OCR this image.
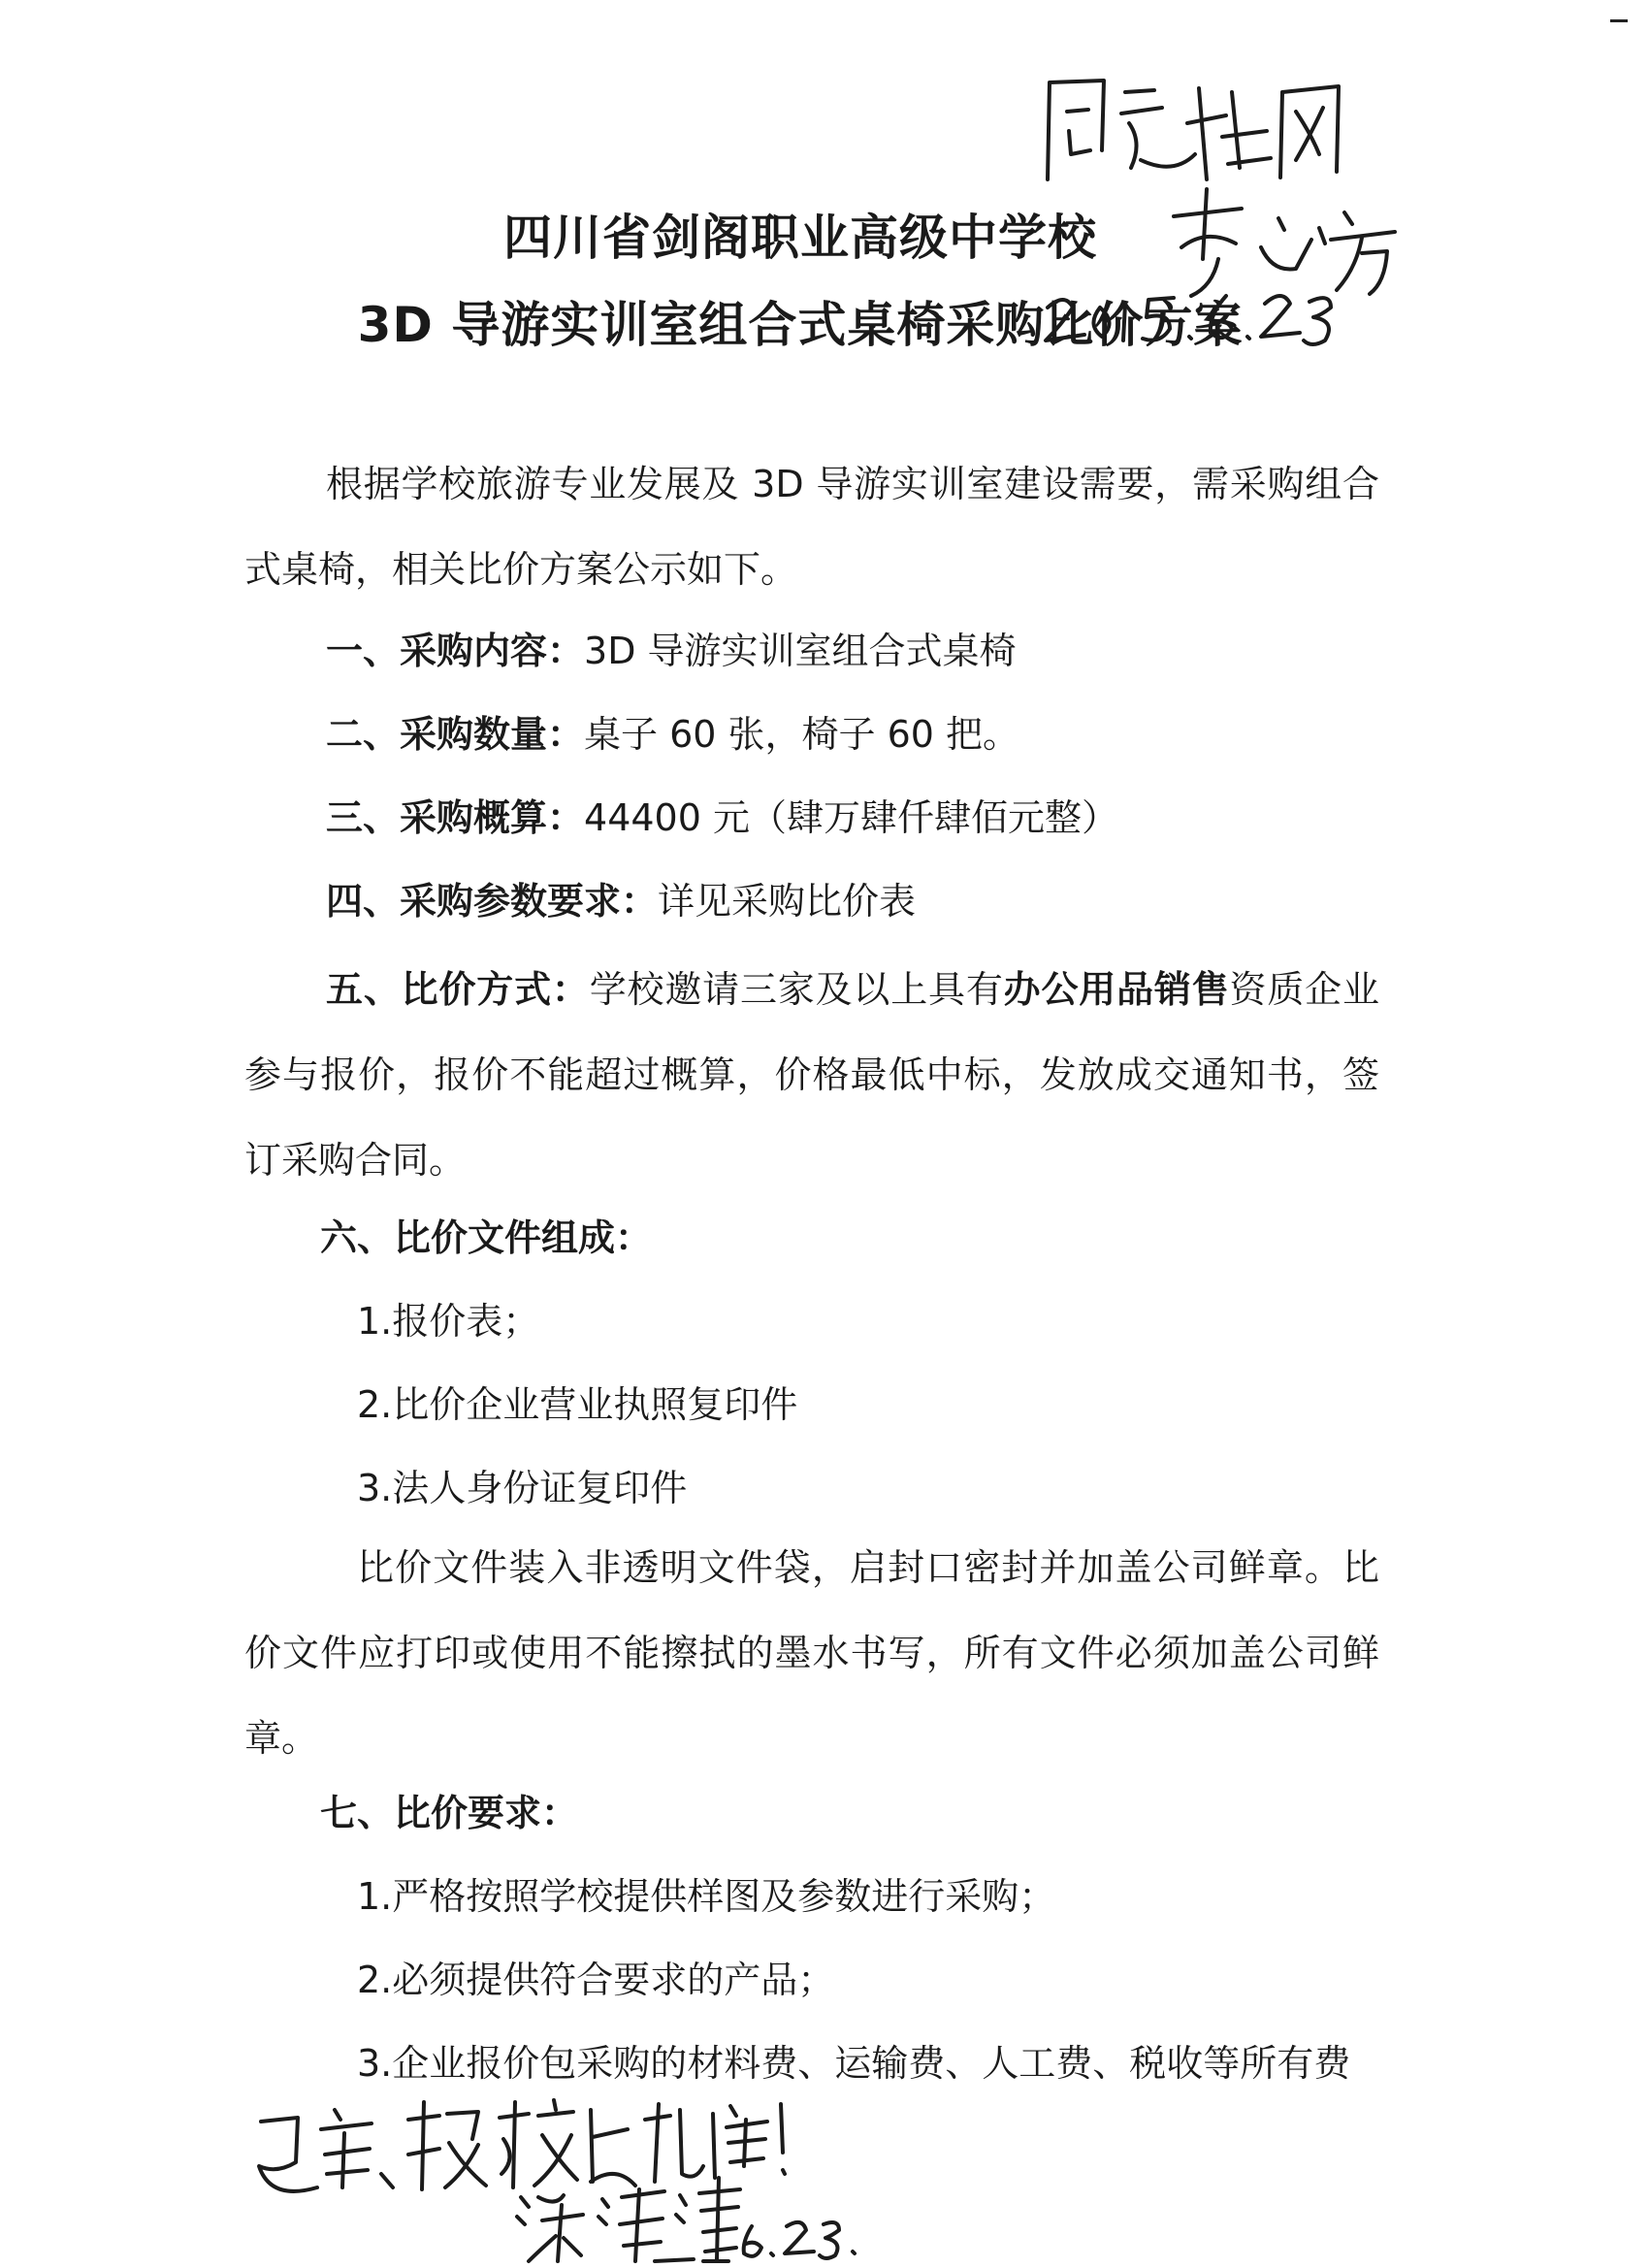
四川省剑阁职业高级中学校
3D 导游实训室组合式桌椅采购比价方案

根据学校旅游专业发展及 3D 导游实训室建设需要，需采购组合式桌椅，相关比价方案公示如下。

一、采购内容：3D 导游实训室组合式桌椅

二、采购数量：桌子 60 张，椅子 60 把。

三、采购概算：44400 元（肆万肆仟肆佰元整）

四、采购参数要求：详见采购比价表

五、比价方式：学校邀请三家及以上具有办公用品销售资质企业参与报价，报价不能超过概算，价格最低中标，发放成交通知书，签订采购合同。

六、比价文件组成：

1.报价表；

2.比价企业营业执照复印件

3.法人身份证复印件

比价文件装入非透明文件袋，启封口密封并加盖公司鲜章。比价文件应打印或使用不能擦拭的墨水书写，所有文件必须加盖公司鲜章。

七、比价要求：

1.严格按照学校提供样图及参数进行采购；

2.必须提供符合要求的产品；

3.企业报价包采购的材料费、运输费、人工费、税收等所有费
